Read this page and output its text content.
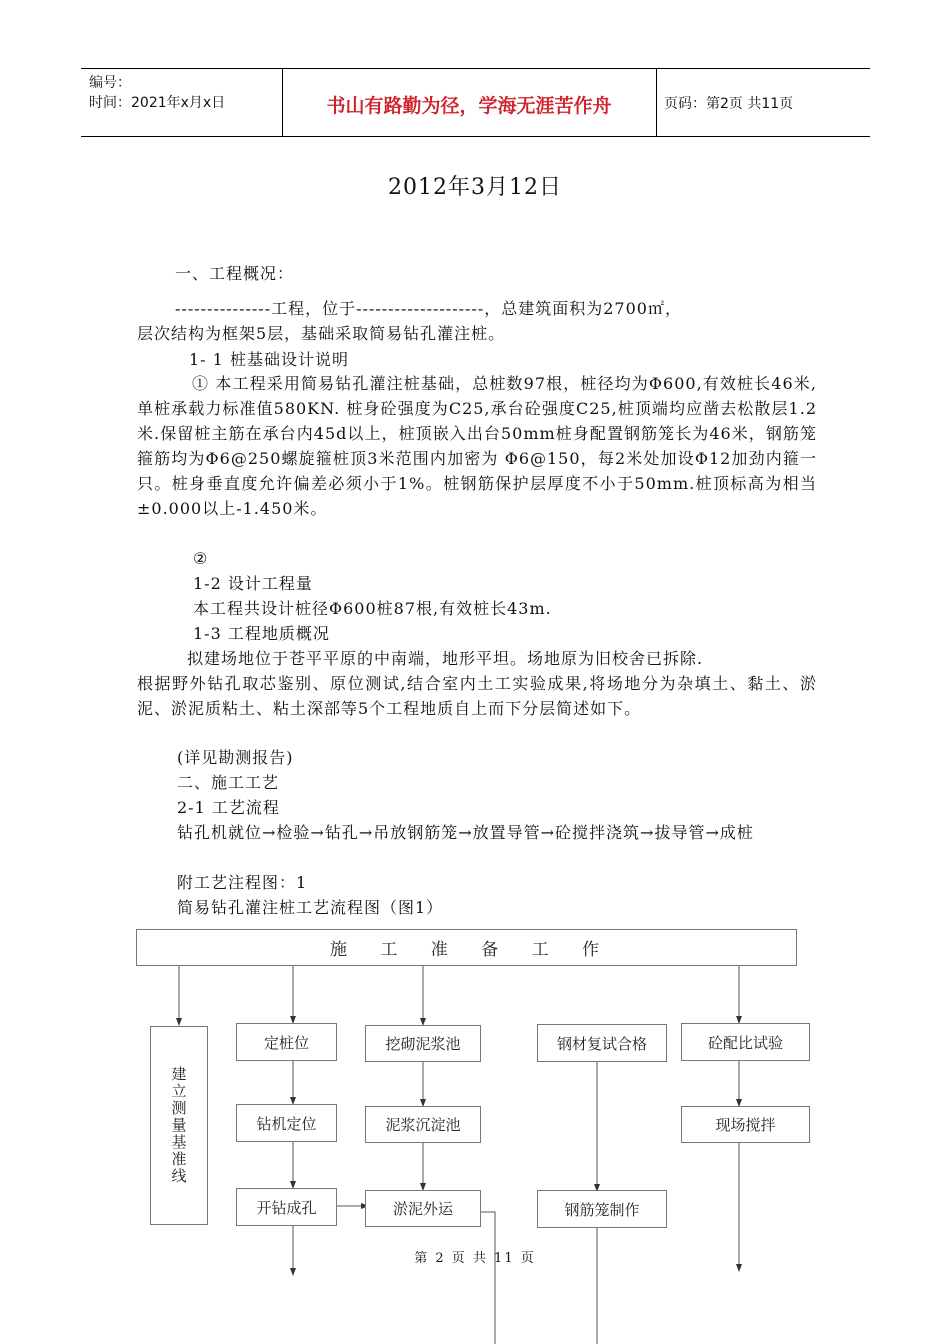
编号：
时间：2021年x月x日	书山有路勤为径，学海无涯苦作舟	页码：第2页 共11页
2012年3月12日
一、工程概况：
---------------工程，位于--------------------，总建筑面积为2700㎡，
层次结构为框架5层，基础采取简易钻孔灌注桩。
1- 1 桩基础设计说明
① 本工程采用简易钻孔灌注桩基础，总桩数97根，桩径均为Φ600,有效桩长46米,单桩承载力标准值580KN. 桩身砼强度为C25,承台砼强度C25,桩顶端均应凿去松散层1.2米.保留桩主筋在承台内45d以上，桩顶嵌入出台50mm桩身配置钢筋笼长为46米，钢筋笼箍筋均为Φ6@250螺旋箍桩顶3米范围内加密为 Φ6@150，每2米处加设Φ12加劲内箍一只。桩身垂直度允许偏差必须小于1%。桩钢筋保护层厚度不小于50mm.桩顶标高为相当±0.000以上-1.450米。
②
1-2 设计工程量
本工程共设计桩径Φ600桩87根,有效桩长43m.
1-3 工程地质概况
拟建场地位于苍平平原的中南端，地形平坦。场地原为旧校舍已拆除.
根据野外钻孔取芯鉴别、原位测试,结合室内土工实验成果,将场地分为杂填土、黏土、淤泥、淤泥质粘土、粘土深部等5个工程地质自上而下分层简述如下。
(详见勘测报告)
二、施工工艺
2-1 工艺流程
钻孔机就位→检验→钻孔→吊放钢筋笼→放置导管→砼搅拌浇筑→拔导管→成桩
附工艺注程图：1
简易钻孔灌注桩工艺流程图（图1）
施 工 准 备 工 作
建立测量基准线
定桩位
钻机定位
开钻成孔
挖砌泥浆池
泥浆沉淀池
淤泥外运
钢材复试合格
钢筋笼制作
砼配比试验
现场搅拌
第 2 页 共 11 页
